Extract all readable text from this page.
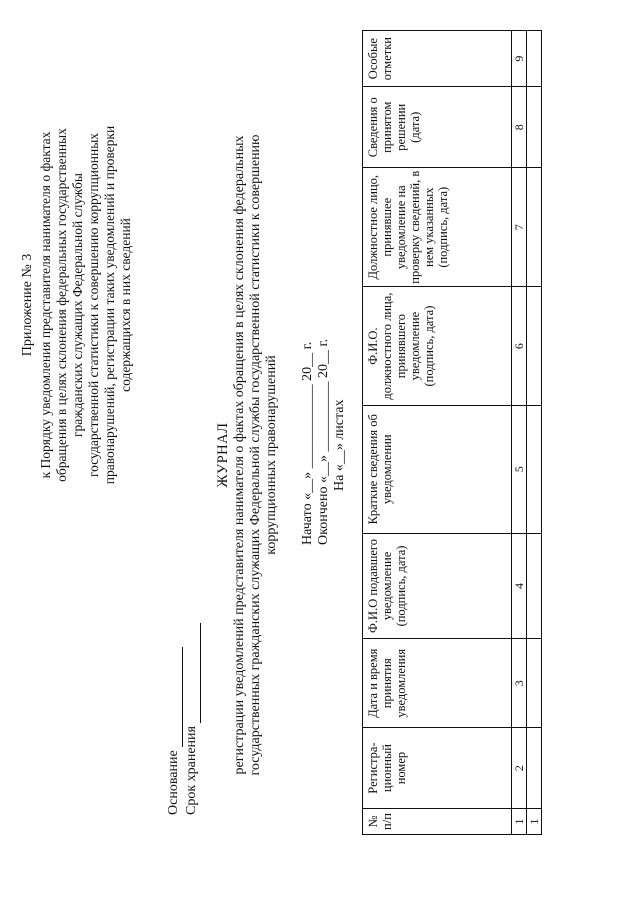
Приложение № 3 к Порядку уведомления представителя нанимателя о фактах обращения в целях склонения федеральных государственных гражданских служащих Федеральной службы государственной статистики к совершению коррупционных правонарушений, регистрации таких уведомлений и проверки содержащихся в них сведений
Основание Срок хранения
ЖУРНАЛ регистрации уведомлений представителя нанимателя о фактах обращения в целях склонения федеральных государственных гражданских служащих Федеральной службы государственной статистики к совершению коррупционных правонарушений Начато «__» ____________ 20__ г. Окончено «__» __________ 20__ г. На «__» листах
№ п/п	Регистра-ционный номер	Дата и время принятия уведомления	Ф.И.О подавшего уведомление (подпись, дата)	Краткие сведения об уведомлении	Ф.И.О. должностного лица, принявшего уведомление (подпись, дата)	Должностное лицо, принявшее уведомление на проверку сведений, в нем указанных (подпись, дата)	Сведения о принятом решении (дата)	Особые отметки
1	2	3	4	5	6	7	8	9
1								
